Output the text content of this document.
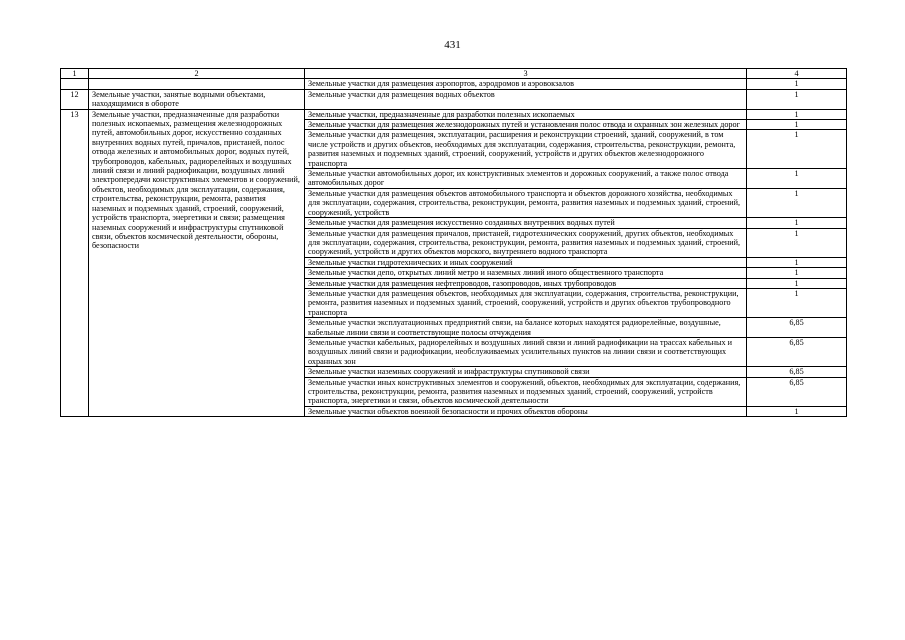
431
1	2	3	4
		Земельные участки для размещения аэропортов, аэродромов и аэровокзалов	1
12	Земельные участки, занятые водными объектами, находящимися в обороте	Земельные участки для размещения водных объектов	1
13	Земельные участки, предназначенные для разработки полезных ископаемых, размещения железнодорожных путей, автомобильных дорог, искусственно созданных внутренних водных путей, причалов, пристаней, полос отвода железных и автомобильных дорог, водных путей, трубопроводов, кабельных, радиорелейных и воздушных линий связи и линий радиофикации, воздушных линий электропередачи конструктивных элементов и сооружений, объектов, необходимых для эксплуатации, содержания, строительства, реконструкции, ремонта, развития наземных и подземных зданий, строений, сооружений, устройств транспорта, энергетики и связи; размещения наземных сооружений и инфраструктуры спутниковой связи, объектов космической деятельности, обороны, безопасности	Земельные участки, предназначенные для разработки полезных ископаемых	1
		Земельные участки для размещения железнодорожных путей и установления полос отвода и охранных зон железных дорог	1
		Земельные участки для размещения, эксплуатации, расширения и реконструкции строений, зданий, сооружений, в том числе устройств и других объектов, необходимых для эксплуатации, содержания, строительства, реконструкции, ремонта, развития наземных и подземных зданий, строений, сооружений, устройств и других объектов железнодорожного транспорта	1
		Земельные участки автомобильных дорог, их конструктивных элементов и дорожных сооружений, а также полос отвода автомобильных дорог	1
		Земельные участки для размещения объектов автомобильного транспорта и объектов дорожного хозяйства, необходимых для эксплуатации, содержания, строительства, реконструкции, ремонта, развития наземных и подземных зданий, строений, сооружений, устройств	1
		Земельные участки для размещения искусственно созданных внутренних водных путей	1
		Земельные участки для размещения причалов, пристаней, гидротехнических сооружений, других объектов, необходимых для эксплуатации, содержания, строительства, реконструкции, ремонта, развития наземных и подземных зданий, строений, сооружений, устройств и других объектов морского, внутреннего водного транспорта	1
		Земельные участки гидротехнических и иных сооружений	1
		Земельные участки депо, открытых линий метро и наземных линий иного общественного транспорта	1
		Земельные участки для размещения нефтепроводов, газопроводов, иных трубопроводов	1
		Земельные участки для размещения объектов, необходимых для эксплуатации, содержания, строительства, реконструкции, ремонта, развития наземных и подземных зданий, строений, сооружений, устройств и других объектов трубопроводного транспорта	1
		Земельные участки эксплуатационных предприятий связи, на балансе которых находятся радиорелейные, воздушные, кабельные линии связи и соответствующие полосы отчуждения	6,85
		Земельные участки кабельных, радиорелейных и воздушных линий связи и линий радиофикации на трассах кабельных и воздушных линий связи и радиофикации, необслуживаемых усилительных пунктов на линии связи и соответствующих охранных зон	6,85
		Земельные участки наземных сооружений и инфраструктуры спутниковой связи	6,85
		Земельные участки иных конструктивных элементов и сооружений, объектов, необходимых для эксплуатации, содержания, строительства, реконструкции, ремонта, развития наземных и подземных зданий, строений, сооружений, устройств транспорта, энергетики и связи, объектов космической деятельности	6,85
		Земельные участки объектов военной безопасности и прочих объектов обороны	1
